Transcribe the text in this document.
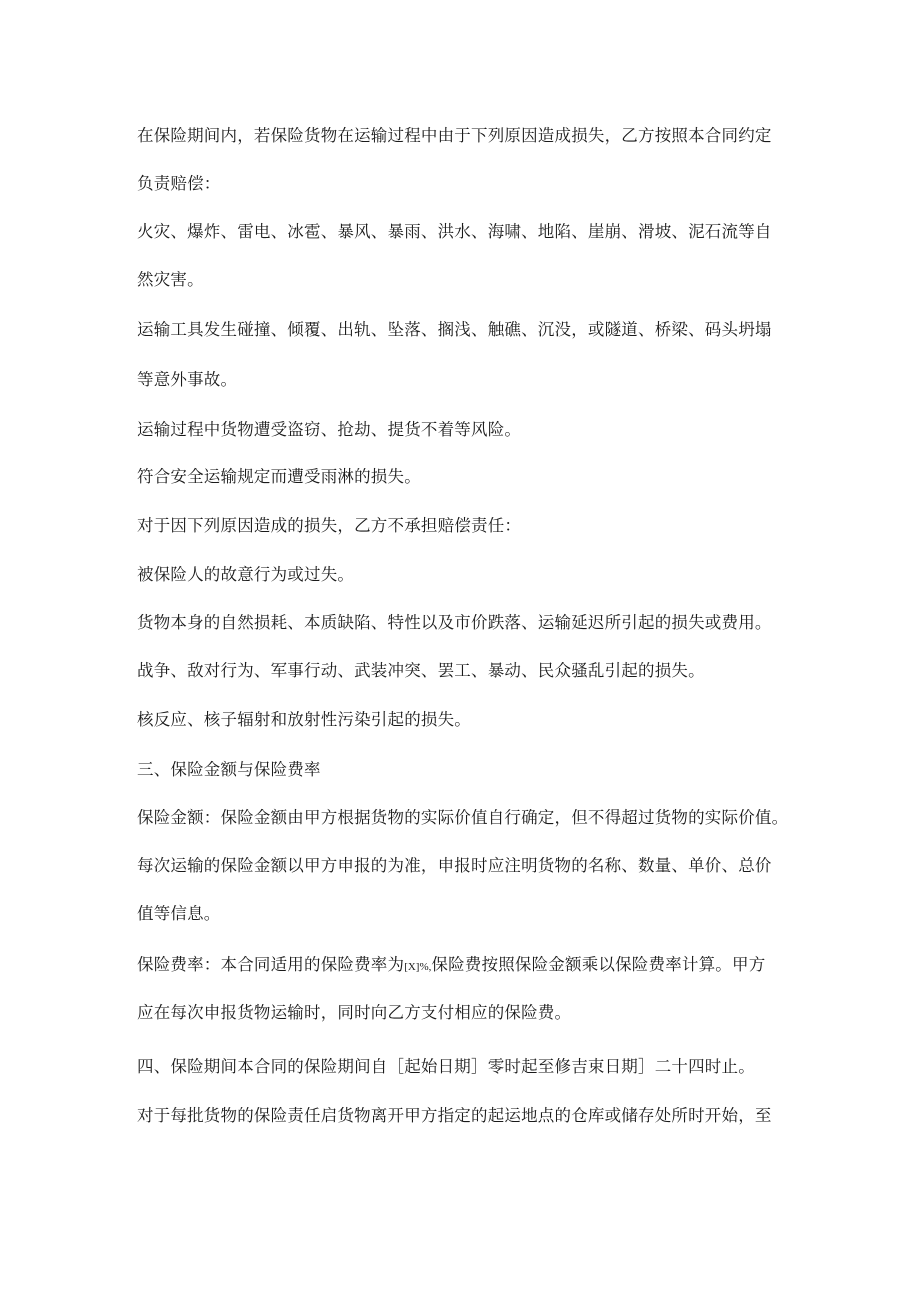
在保险期间内，若保险货物在运输过程中由于下列原因造成损失，乙方按照本合同约定

负责赔偿：

火灾、爆炸、雷电、冰雹、暴风、暴雨、洪水、海啸、地陷、崖崩、滑坡、泥石流等自

然灾害。

运输工具发生碰撞、倾覆、出轨、坠落、搁浅、触礁、沉没，或隧道、桥梁、码头坍塌

等意外事故。

运输过程中货物遭受盗窃、抢劫、提货不着等风险。

符合安全运输规定而遭受雨淋的损失。

对于因下列原因造成的损失，乙方不承担赔偿责任：

被保险人的故意行为或过失。

货物本身的自然损耗、本质缺陷、特性以及市价跌落、运输延迟所引起的损失或费用。

战争、敌对行为、军事行动、武装冲突、罢工、暴动、民众骚乱引起的损失。

核反应、核子辐射和放射性污染引起的损失。

三、保险金额与保险费率

保险金额：保险金额由甲方根据货物的实际价值自行确定，但不得超过货物的实际价值。

每次运输的保险金额以甲方申报的为准，申报时应注明货物的名称、数量、单价、总价

值等信息。

保险费率：本合同适用的保险费率为[X]%,保险费按照保险金额乘以保险费率计算。甲方

应在每次申报货物运输时，同时向乙方支付相应的保险费。

四、保险期间本合同的保险期间自［起始日期］零时起至修吉束日期］二十四时止。

对于每批货物的保险责任启货物离开甲方指定的起运地点的仓库或储存处所时开始，至
